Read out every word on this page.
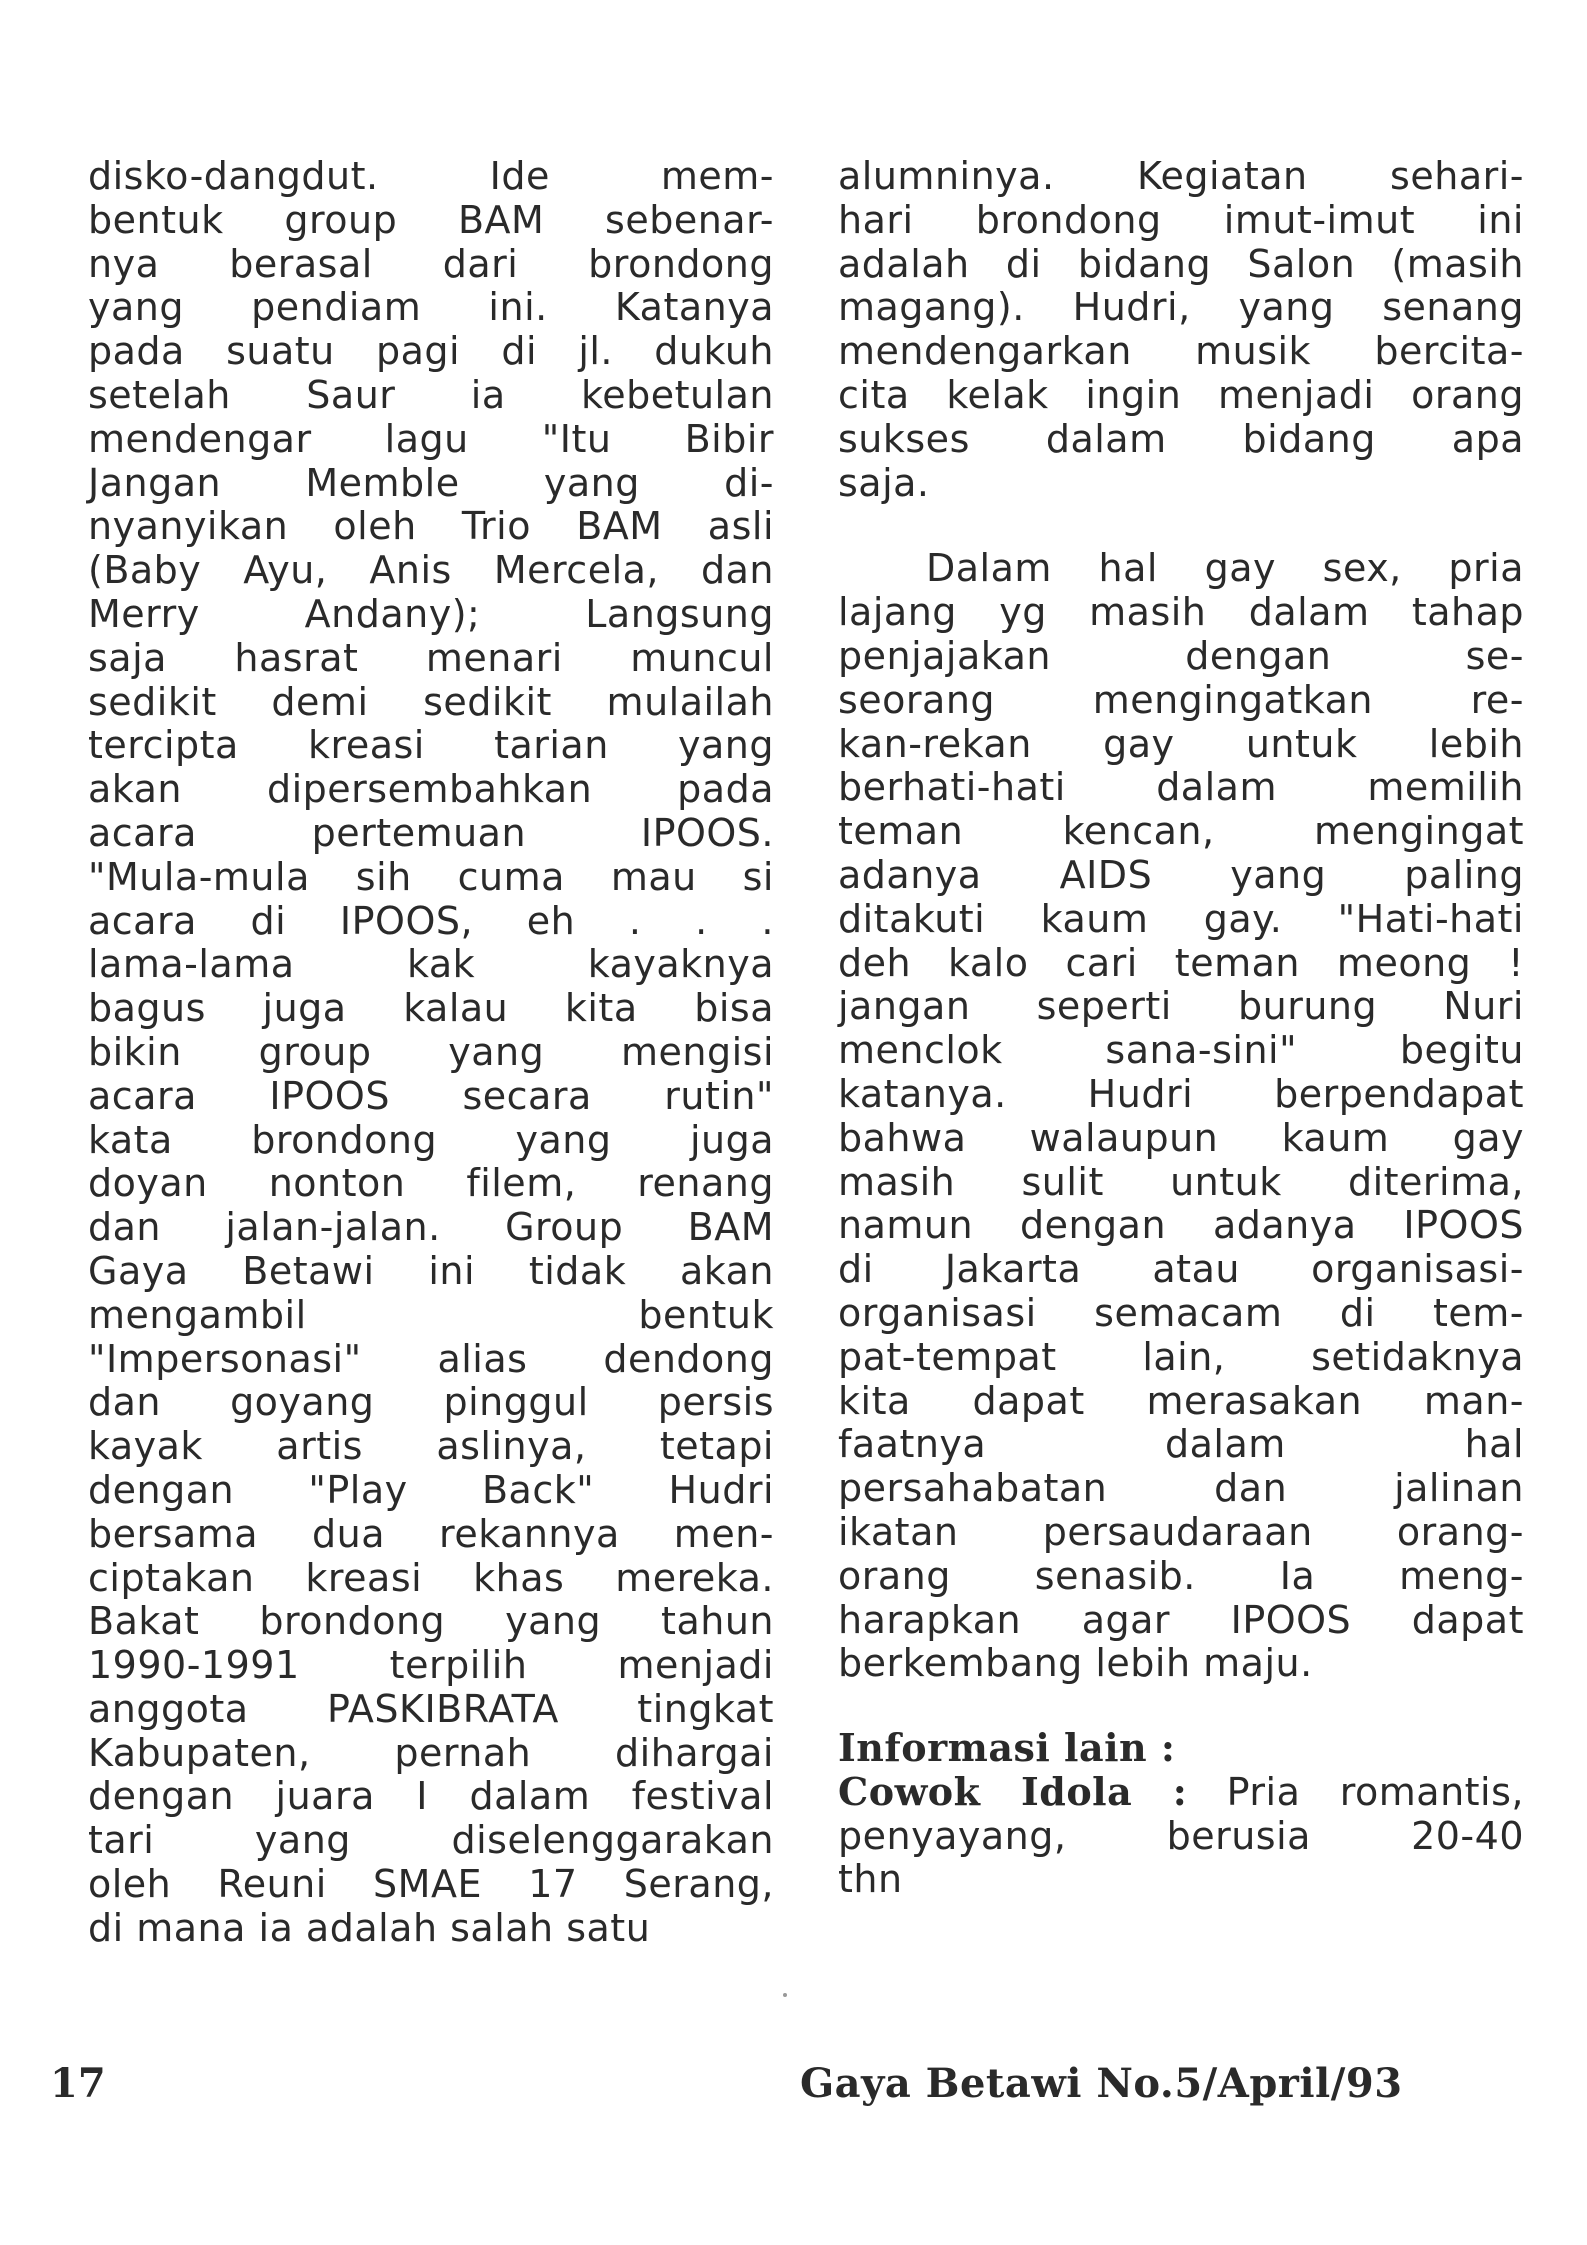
disko-dangdut. Ide mem-
bentuk group BAM sebenar-
nya berasal dari brondong
yang pendiam ini. Katanya
pada suatu pagi di jl. dukuh
setelah Saur ia kebetulan
mendengar lagu "Itu Bibir
Jangan Memble yang di-
nyanyikan oleh Trio BAM asli
(Baby Ayu, Anis Mercela, dan
Merry Andany); Langsung
saja hasrat menari muncul
sedikit demi sedikit mulailah
tercipta kreasi tarian yang
akan dipersembahkan pada
acara pertemuan IPOOS.
"Mula-mula sih cuma mau si
acara di IPOOS, eh . . .
lama-lama kak kayaknya
bagus juga kalau kita bisa
bikin group yang mengisi
acara IPOOS secara rutin"
kata brondong yang juga
doyan nonton filem, renang
dan jalan-jalan. Group BAM
Gaya Betawi ini tidak akan
mengambil bentuk
"Impersonasi" alias dendong
dan goyang pinggul persis
kayak artis aslinya, tetapi
dengan "Play Back" Hudri
bersama dua rekannya men-
ciptakan kreasi khas mereka.
Bakat brondong yang tahun
1990-1991 terpilih menjadi
anggota PASKIBRATA tingkat
Kabupaten, pernah dihargai
dengan juara I dalam festival
tari yang diselenggarakan
oleh Reuni SMAE 17 Serang,
di mana ia adalah salah satu
alumninya. Kegiatan sehari-
hari brondong imut-imut ini
adalah di bidang Salon (masih
magang). Hudri, yang senang
mendengarkan musik bercita-
cita kelak ingin menjadi orang
sukses dalam bidang apa
saja.
Dalam hal gay sex, pria
lajang yg masih dalam tahap
penjajakan dengan se-
seorang mengingatkan re-
kan-rekan gay untuk lebih
berhati-hati dalam memilih
teman kencan, mengingat
adanya AIDS yang paling
ditakuti kaum gay. "Hati-hati
deh kalo cari teman meong !
jangan seperti burung Nuri
menclok sana-sini" begitu
katanya. Hudri berpendapat
bahwa walaupun kaum gay
masih sulit untuk diterima,
namun dengan adanya IPOOS
di Jakarta atau organisasi-
organisasi semacam di tem-
pat-tempat lain, setidaknya
kita dapat merasakan man-
faatnya dalam hal
persahabatan dan jalinan
ikatan persaudaraan orang-
orang senasib. Ia meng-
harapkan agar IPOOS dapat
berkembang lebih maju.
Informasi lain :
Cowok Idola : Pria romantis,
penyayang, berusia 20-40
thn
17	Gaya Betawi No.5/April/93
